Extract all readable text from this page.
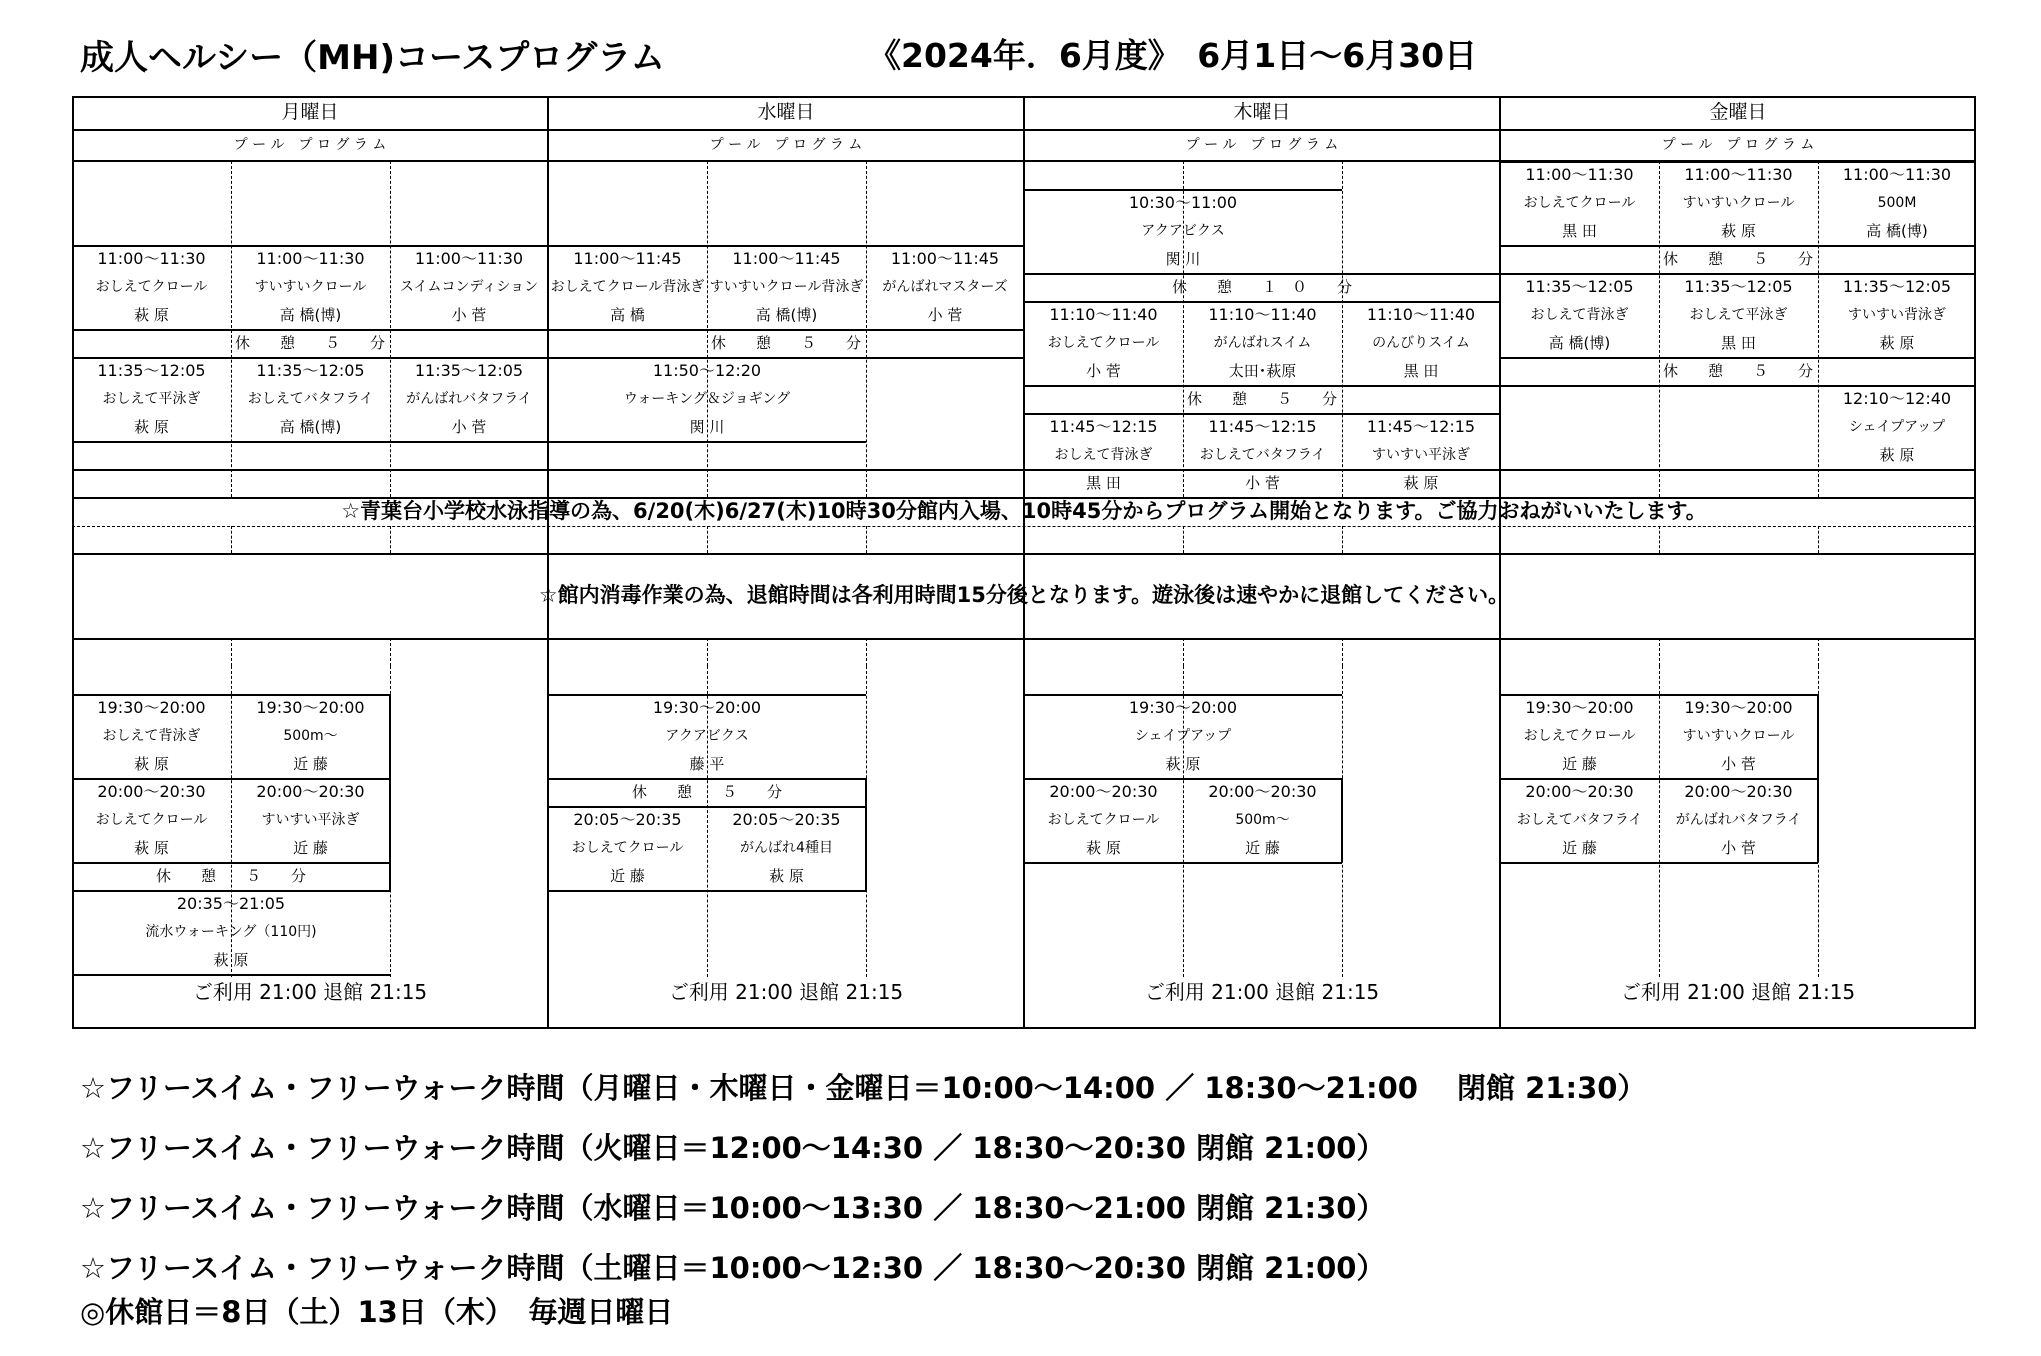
成人ヘルシー（MH)コースプログラム	《2024年．6月度》　6月1日～6月30日
☆青葉台小学校水泳指導の為、6/20(木)6/27(木)10時30分館内入場、10時45分からプログラム開始となります。ご協力おねがいいたします。
☆館内消毒作業の為、退館時間は各利用時間15分後となります。遊泳後は速やかに退館してください。
月曜日
プ ー ル　プ ロ グ ラ ム
11:00～11:30
おしえてクロール
萩 原
11:00～11:30
すいすいクロール
高 橋(博)
11:00～11:30
スイムコンディション
小 菅
11:35～12:05
おしえて平泳ぎ
萩 原
11:35～12:05
おしえてバタフライ
高 橋(博)
11:35～12:05
がんばれバタフライ
小 菅
休　　憩　　５　　分
19:30～20:00
おしえて背泳ぎ
萩 原
19:30～20:00
500m～
近 藤
20:00～20:30
おしえてクロール
萩 原
20:00～20:30
すいすい平泳ぎ
近 藤
20:35～21:05
流水ウォーキング（110円)
萩 原
休　　憩　　５　　分
ご利用 21:00 退館 21:15
水曜日
プ ー ル　プ ロ グ ラ ム
11:00～11:45
おしえてクロール背泳ぎ
高 橋
11:00～11:45
すいすいクロール背泳ぎ
高 橋(博)
11:00～11:45
がんばれマスターズ
小 菅
11:50～12:20
ウォーキング＆ジョギング
関 川
休　　憩　　５　　分
19:30～20:00
アクアビクス
藤 平
20:05～20:35
おしえてクロール
近 藤
20:05～20:35
がんばれ4種目
萩 原
休　　憩　　５　　分
ご利用 21:00 退館 21:15
木曜日
プ ー ル　プ ロ グ ラ ム
10:30～11:00
アクアビクス
関 川
11:10～11:40
おしえてクロール
小 菅
11:10～11:40
がんばれスイム
太田･萩原
11:10～11:40
のんびりスイム
黒 田
11:45～12:15
おしえて背泳ぎ
黒 田
11:45～12:15
おしえてバタフライ
小 菅
11:45～12:15
すいすい平泳ぎ
萩 原
休　　憩　　１　０　　分
休　　憩　　５　　分
19:30～20:00
シェイプアップ
萩 原
20:00～20:30
おしえてクロール
萩 原
20:00～20:30
500m～
近 藤
ご利用 21:00 退館 21:15
金曜日
プ ー ル　プ ロ グ ラ ム
11:00～11:30
おしえてクロール
黒 田
11:00～11:30
すいすいクロール
萩 原
11:00～11:30
500M
高 橋(博)
11:35～12:05
おしえて背泳ぎ
高 橋(博)
11:35～12:05
おしえて平泳ぎ
黒 田
11:35～12:05
すいすい背泳ぎ
萩 原
12:10～12:40
シェイプアップ
萩 原
休　　憩　　５　　分
休　　憩　　５　　分
19:30～20:00
おしえてクロール
近 藤
19:30～20:00
すいすいクロール
小 菅
20:00～20:30
おしえてバタフライ
近 藤
20:00～20:30
がんばれバタフライ
小 菅
ご利用 21:00 退館 21:15
☆フリースイム・フリーウォーク時間（月曜日・木曜日・金曜日＝10:00～14:00 ／ 18:30～21:00　 閉館 21:30）
☆フリースイム・フリーウォーク時間（火曜日＝12:00～14:30 ／ 18:30～20:30 閉館 21:00）
☆フリースイム・フリーウォーク時間（水曜日＝10:00～13:30 ／ 18:30～21:00 閉館 21:30）
☆フリースイム・フリーウォーク時間（土曜日＝10:00～12:30 ／ 18:30～20:30 閉館 21:00）
◎休館日＝8日（土）13日（木）　毎週日曜日
